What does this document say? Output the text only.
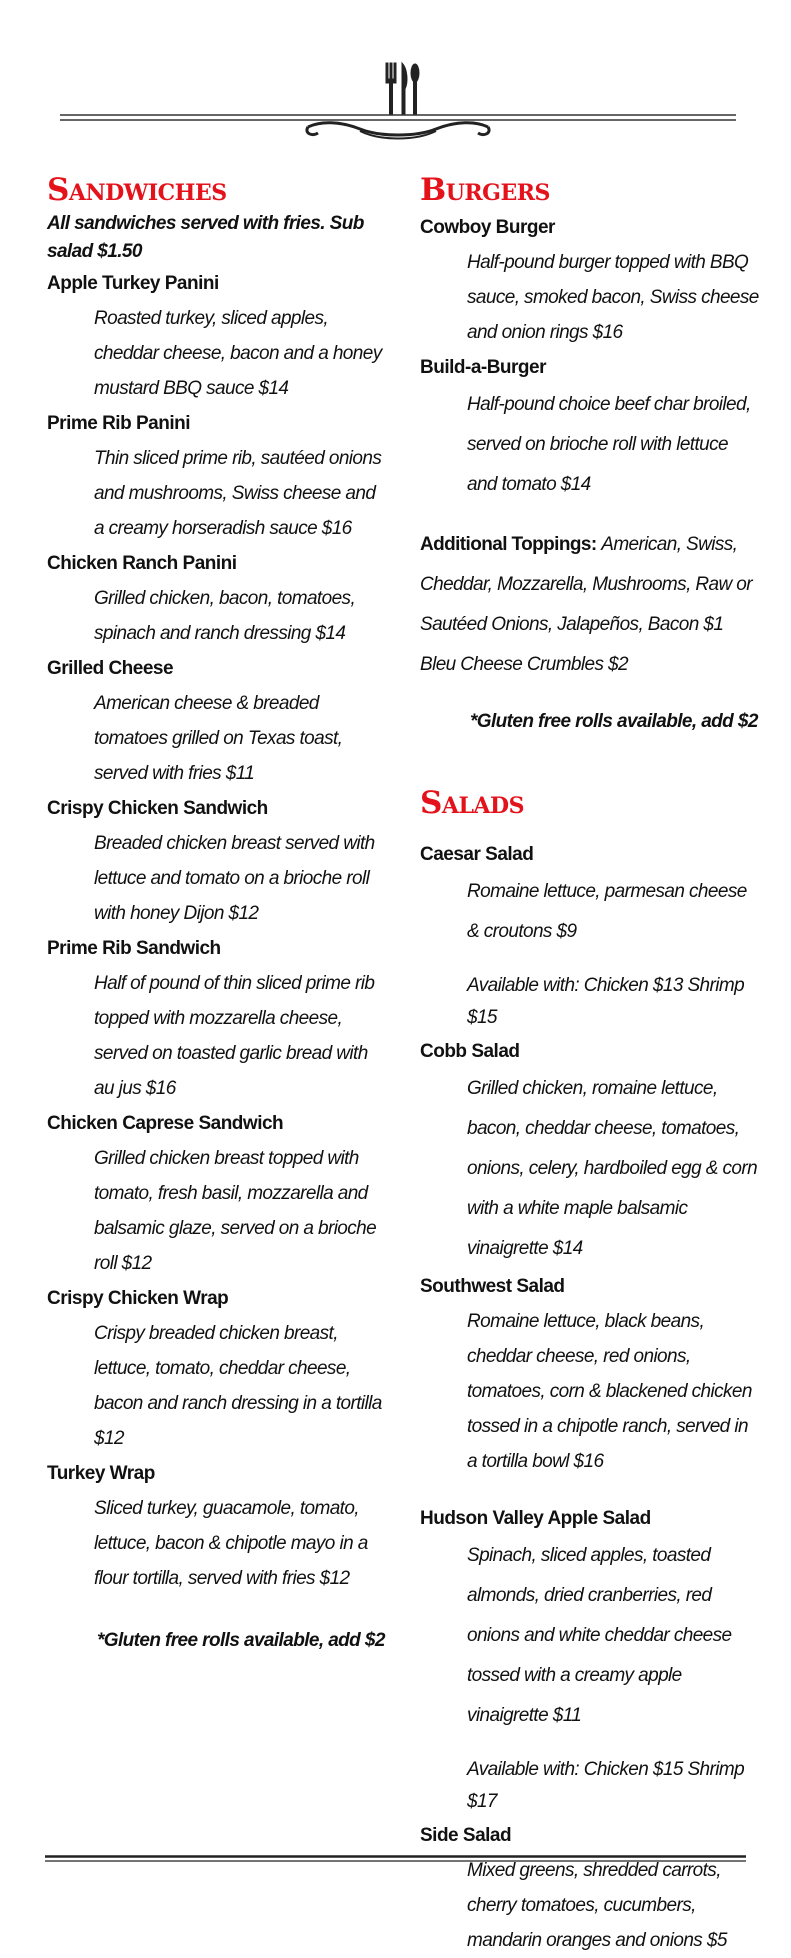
Sandwiches

All sandwiches served with fries. Sub salad $1.50

Apple Turkey Panini

Roasted turkey, sliced apples, cheddar cheese, bacon and a honey mustard BBQ sauce $14

Prime Rib Panini

Thin sliced prime rib, sautéed onions and mushrooms, Swiss cheese and a creamy horseradish sauce $16

Chicken Ranch Panini

Grilled chicken, bacon, tomatoes, spinach and ranch dressing $14

Grilled Cheese

American cheese & breaded tomatoes grilled on Texas toast, served with fries $11

Crispy Chicken Sandwich

Breaded chicken breast served with lettuce and tomato on a brioche roll with honey Dijon $12

Prime Rib Sandwich

Half of pound of thin sliced prime rib topped with mozzarella cheese, served on toasted garlic bread with au jus $16

Chicken Caprese Sandwich

Grilled chicken breast topped with tomato, fresh basil, mozzarella and balsamic glaze, served on a brioche roll $12

Crispy Chicken Wrap

Crispy breaded chicken breast, lettuce, tomato, cheddar cheese, bacon and ranch dressing in a tortilla $12

Turkey Wrap

Sliced turkey, guacamole, tomato, lettuce, bacon & chipotle mayo in a flour tortilla, served with fries $12

*Gluten free rolls available, add $2

Burgers

Cowboy Burger

Half-pound burger topped with BBQ sauce, smoked bacon, Swiss cheese and onion rings $16

Build-a-Burger

Half-pound choice beef char broiled, served on brioche roll with lettuce and tomato $14

Additional Toppings: American, Swiss, Cheddar, Mozzarella, Mushrooms, Raw or Sautéed Onions, Jalapeños, Bacon $1 Bleu Cheese Crumbles $2

*Gluten free rolls available, add $2

Salads

Caesar Salad

Romaine lettuce, parmesan cheese & croutons $9

Available with: Chicken $13 Shrimp $15

Cobb Salad

Grilled chicken, romaine lettuce, bacon, cheddar cheese, tomatoes, onions, celery, hardboiled egg & corn with a white maple balsamic vinaigrette $14

Southwest Salad

Romaine lettuce, black beans, cheddar cheese, red onions, tomatoes, corn & blackened chicken tossed in a chipotle ranch, served in a tortilla bowl $16

Hudson Valley Apple Salad

Spinach, sliced apples, toasted almonds, dried cranberries, red onions and white cheddar cheese tossed with a creamy apple vinaigrette $11

Available with: Chicken $15 Shrimp $17

Side Salad

Mixed greens, shredded carrots, cherry tomatoes, cucumbers, mandarin oranges and onions $5
